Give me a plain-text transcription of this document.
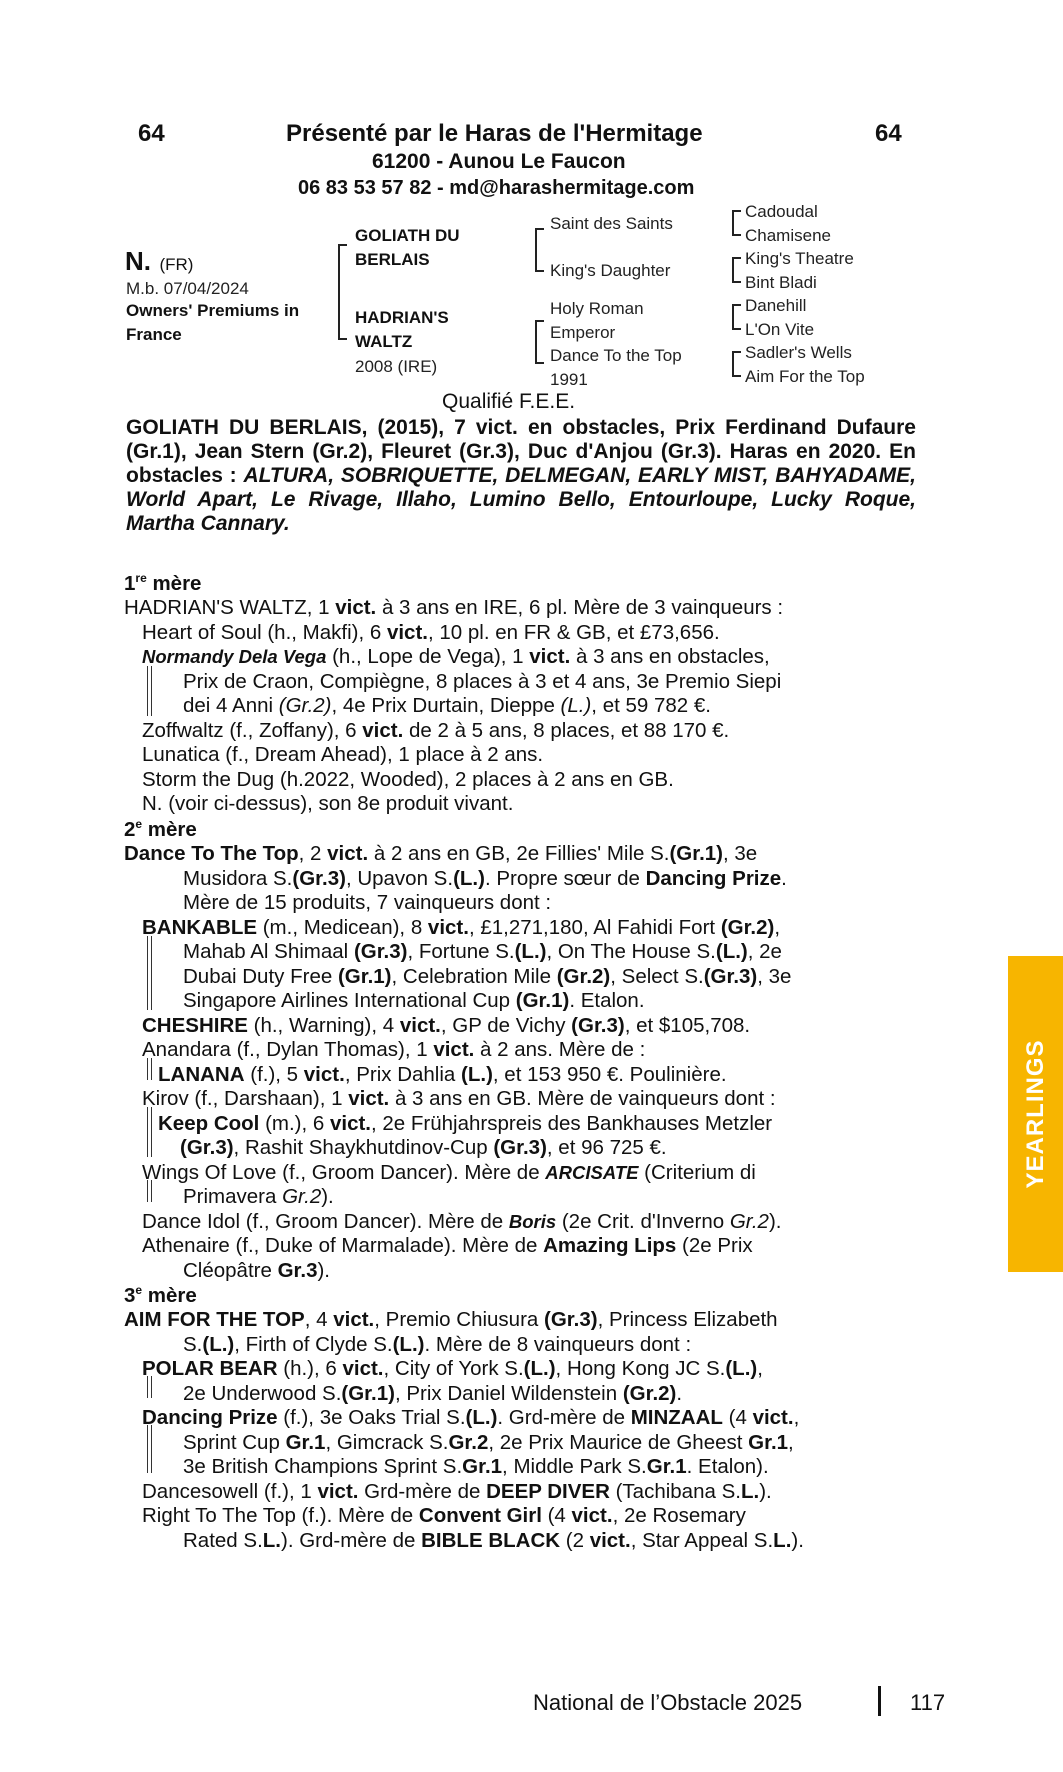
64	Présenté par le Haras de l'Hermitage	64
61200 - Aunou Le Faucon
06 83 53 57 82 - md@harashermitage.com
N. (FR)
M.b. 07/04/2024
Owners' Premiums in
France
GOLIATH DU
BERLAIS
HADRIAN'S
WALTZ
2008 (IRE)
Saint des Saints
King's Daughter
Holy Roman
Emperor
Dance To the Top
1991
Cadoudal
Chamisene
King's Theatre
Bint Bladi
Danehill
L'On Vite
Sadler's Wells
Aim For the Top
Qualifié F.E.E.
GOLIATH DU BERLAIS, (2015), 7 vict. en obstacles, Prix Ferdinand Dufaure (Gr.1), Jean Stern (Gr.2), Fleuret (Gr.3), Duc d'Anjou (Gr.3). Haras en 2020. En obstacles : ALTURA, SOBRIQUETTE, DELMEGAN, EARLY MIST, BAHYADAME, World Apart, Le Rivage, Illaho, Lumino Bello, Entourloupe, Lucky Roque, Martha Cannary.
1re mère
HADRIAN'S WALTZ, 1 vict. à 3 ans en IRE, 6 pl. Mère de 3 vainqueurs :
Heart of Soul (h., Makfi), 6 vict., 10 pl. en FR & GB, et £73,656.
Normandy Dela Vega (h., Lope de Vega), 1 vict. à 3 ans en obstacles,
Prix de Craon, Compiègne, 8 places à 3 et 4 ans, 3e Premio Siepi
dei 4 Anni (Gr.2), 4e Prix Durtain, Dieppe (L.), et 59 782 €.
Zoffwaltz (f., Zoffany), 6 vict. de 2 à 5 ans, 8 places, et 88 170 €.
Lunatica (f., Dream Ahead), 1 place à 2 ans.
Storm the Dug (h.2022, Wooded), 2 places à 2 ans en GB.
N. (voir ci-dessus), son 8e produit vivant.
2e mère
Dance To The Top, 2 vict. à 2 ans en GB, 2e Fillies' Mile S.(Gr.1), 3e
Musidora S.(Gr.3), Upavon S.(L.). Propre sœur de Dancing Prize.
Mère de 15 produits, 7 vainqueurs dont :
BANKABLE (m., Medicean), 8 vict., £1,271,180, Al Fahidi Fort (Gr.2),
Mahab Al Shimaal (Gr.3), Fortune S.(L.), On The House S.(L.), 2e
Dubai Duty Free (Gr.1), Celebration Mile (Gr.2), Select S.(Gr.3), 3e
Singapore Airlines International Cup (Gr.1). Etalon.
CHESHIRE (h., Warning), 4 vict., GP de Vichy (Gr.3), et $105,708.
Anandara (f., Dylan Thomas), 1 vict. à 2 ans. Mère de :
LANANA (f.), 5 vict., Prix Dahlia (L.), et 153 950 €. Poulinière.
Kirov (f., Darshaan), 1 vict. à 3 ans en GB. Mère de vainqueurs dont :
Keep Cool (m.), 6 vict., 2e Frühjahrspreis des Bankhauses Metzler
(Gr.3), Rashit Shaykhutdinov-Cup (Gr.3), et 96 725 €.
Wings Of Love (f., Groom Dancer). Mère de ARCISATE (Criterium di
Primavera Gr.2).
Dance Idol (f., Groom Dancer). Mère de Boris (2e Crit. d'Inverno Gr.2).
Athenaire (f., Duke of Marmalade). Mère de Amazing Lips (2e Prix
Cléopâtre Gr.3).
3e mère
AIM FOR THE TOP, 4 vict., Premio Chiusura (Gr.3), Princess Elizabeth
S.(L.), Firth of Clyde S.(L.). Mère de 8 vainqueurs dont :
POLAR BEAR (h.), 6 vict., City of York S.(L.), Hong Kong JC S.(L.),
2e Underwood S.(Gr.1), Prix Daniel Wildenstein (Gr.2).
Dancing Prize (f.), 3e Oaks Trial S.(L.). Grd-mère de MINZAAL (4 vict.,
Sprint Cup Gr.1, Gimcrack S.Gr.2, 2e Prix Maurice de Gheest Gr.1,
3e British Champions Sprint S.Gr.1, Middle Park S.Gr.1. Etalon).
Dancesowell (f.), 1 vict. Grd-mère de DEEP DIVER (Tachibana S.L.).
Right To The Top (f.). Mère de Convent Girl (4 vict., 2e Rosemary
Rated S.L.). Grd-mère de BIBLE BLACK (2 vict., Star Appeal S.L.).
YEARLINGS
National de l’Obstacle 2025	117
